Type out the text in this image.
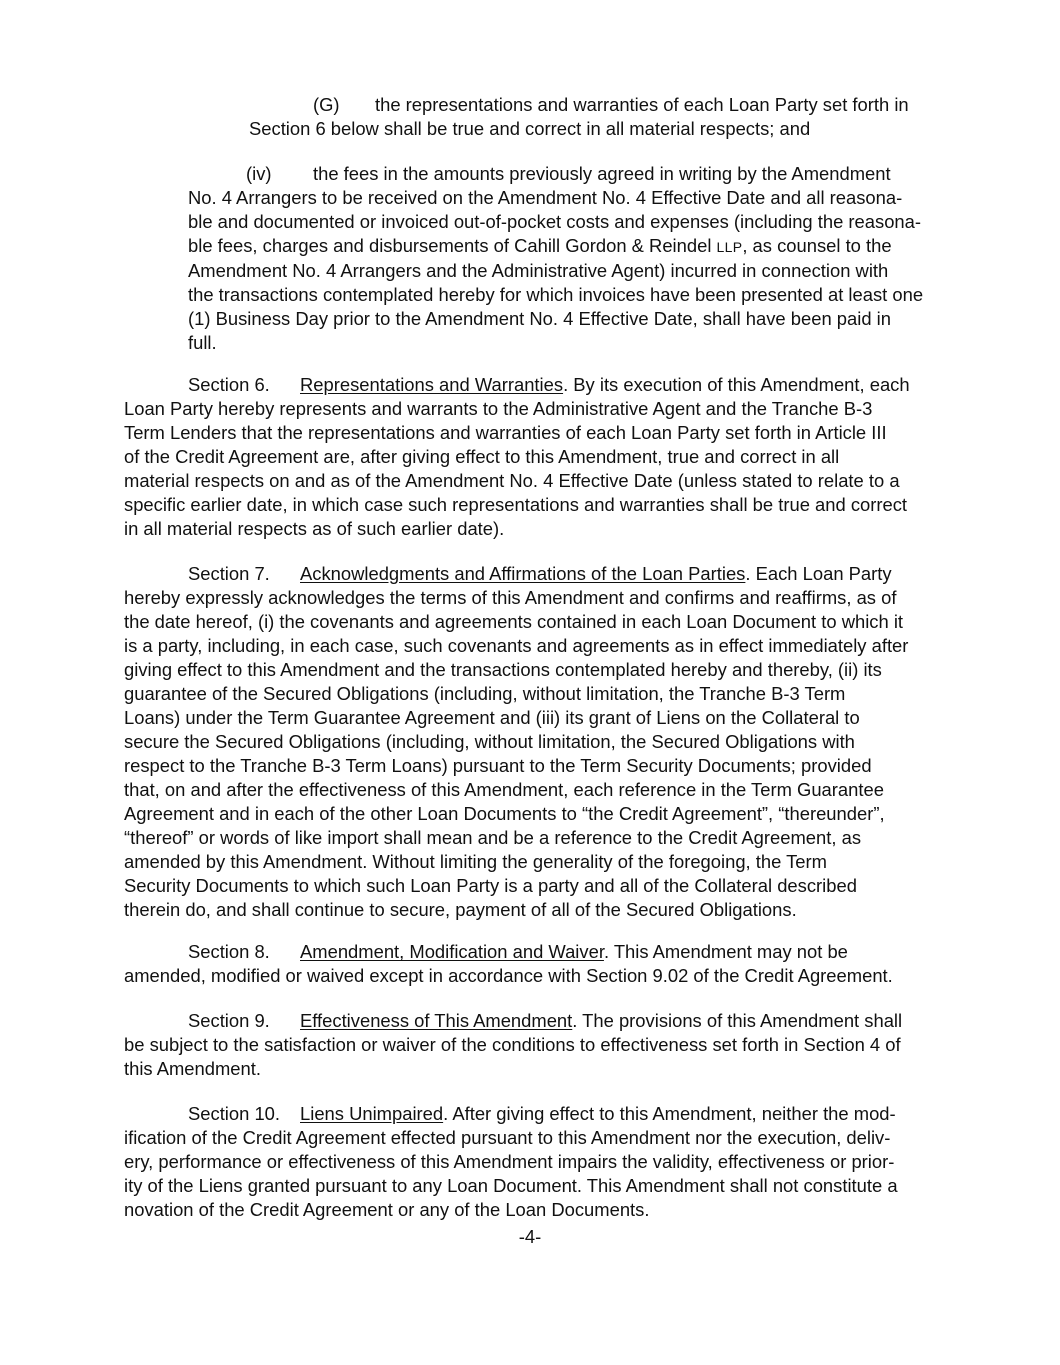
(G) the representations and warranties of each Loan Party set forth in
Section 6 below shall be true and correct in all material respects; and
(iv) the fees in the amounts previously agreed in writing by the Amendment
No. 4 Arrangers to be received on the Amendment No. 4 Effective Date and all reasona-
ble and documented or invoiced out-of-pocket costs and expenses (including the reasona-
ble fees, charges and disbursements of Cahill Gordon & Reindel LLP, as counsel to the
Amendment No. 4 Arrangers and the Administrative Agent) incurred in connection with
the transactions contemplated hereby for which invoices have been presented at least one
(1) Business Day prior to the Amendment No. 4 Effective Date, shall have been paid in
full.
Section 6. Representations and Warranties. By its execution of this Amendment, each
Loan Party hereby represents and warrants to the Administrative Agent and the Tranche B-3
Term Lenders that the representations and warranties of each Loan Party set forth in Article III
of the Credit Agreement are, after giving effect to this Amendment, true and correct in all
material respects on and as of the Amendment No. 4 Effective Date (unless stated to relate to a
specific earlier date, in which case such representations and warranties shall be true and correct
in all material respects as of such earlier date).
Section 7. Acknowledgments and Affirmations of the Loan Parties. Each Loan Party
hereby expressly acknowledges the terms of this Amendment and confirms and reaffirms, as of
the date hereof, (i) the covenants and agreements contained in each Loan Document to which it
is a party, including, in each case, such covenants and agreements as in effect immediately after
giving effect to this Amendment and the transactions contemplated hereby and thereby, (ii) its
guarantee of the Secured Obligations (including, without limitation, the Tranche B-3 Term
Loans) under the Term Guarantee Agreement and (iii) its grant of Liens on the Collateral to
secure the Secured Obligations (including, without limitation, the Secured Obligations with
respect to the Tranche B-3 Term Loans) pursuant to the Term Security Documents; provided
that, on and after the effectiveness of this Amendment, each reference in the Term Guarantee
Agreement and in each of the other Loan Documents to “the Credit Agreement”, “thereunder”,
“thereof” or words of like import shall mean and be a reference to the Credit Agreement, as
amended by this Amendment. Without limiting the generality of the foregoing, the Term
Security Documents to which such Loan Party is a party and all of the Collateral described
therein do, and shall continue to secure, payment of all of the Secured Obligations.
Section 8. Amendment, Modification and Waiver. This Amendment may not be
amended, modified or waived except in accordance with Section 9.02 of the Credit Agreement.
Section 9. Effectiveness of This Amendment. The provisions of this Amendment shall
be subject to the satisfaction or waiver of the conditions to effectiveness set forth in Section 4 of
this Amendment.
Section 10. Liens Unimpaired. After giving effect to this Amendment, neither the mod-
ification of the Credit Agreement effected pursuant to this Amendment nor the execution, deliv-
ery, performance or effectiveness of this Amendment impairs the validity, effectiveness or prior-
ity of the Liens granted pursuant to any Loan Document. This Amendment shall not constitute a
novation of the Credit Agreement or any of the Loan Documents.
-4-
